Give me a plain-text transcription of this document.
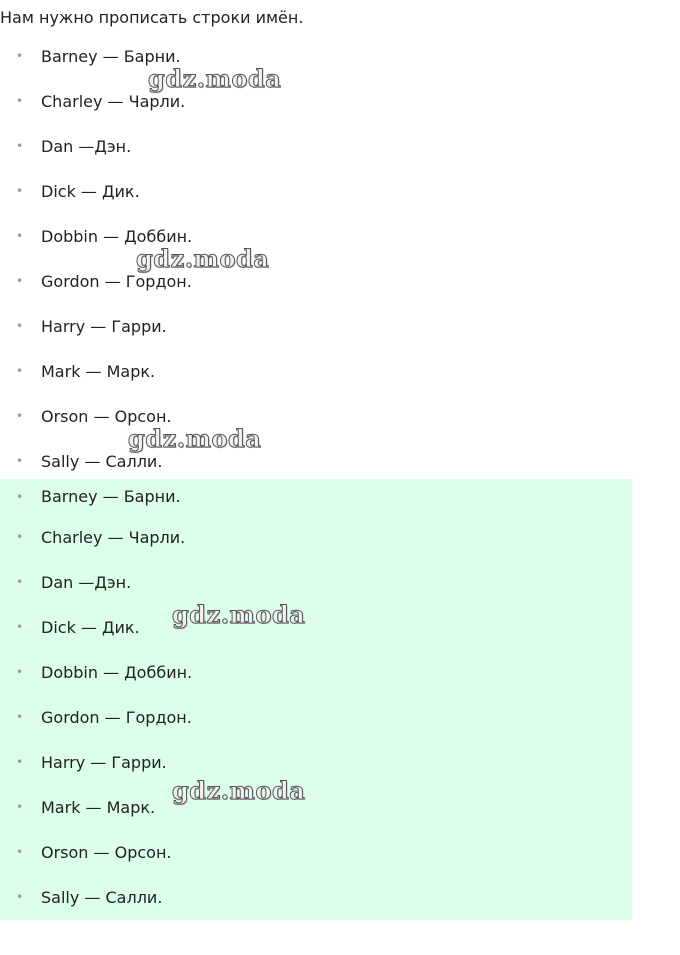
Нам нужно прописать строки имён.

• Barney — Барни.
• Charley — Чарли.
• Dan —Дэн.
• Dick — Дик.
• Dobbin — Доббин.
• Gordon — Гордон.
• Harry — Гарри.
• Mark — Марк.
• Orson — Орсон.
• Sally — Салли.
• Barney — Барни.
• Charley — Чарли.
• Dan —Дэн.
• Dick — Дик.
• Dobbin — Доббин.
• Gordon — Гордон.
• Harry — Гарри.
• Mark — Марк.
• Orson — Орсон.
• Sally — Салли.
gdz.moda
gdz.moda
gdz.moda
gdz.moda
gdz.moda
